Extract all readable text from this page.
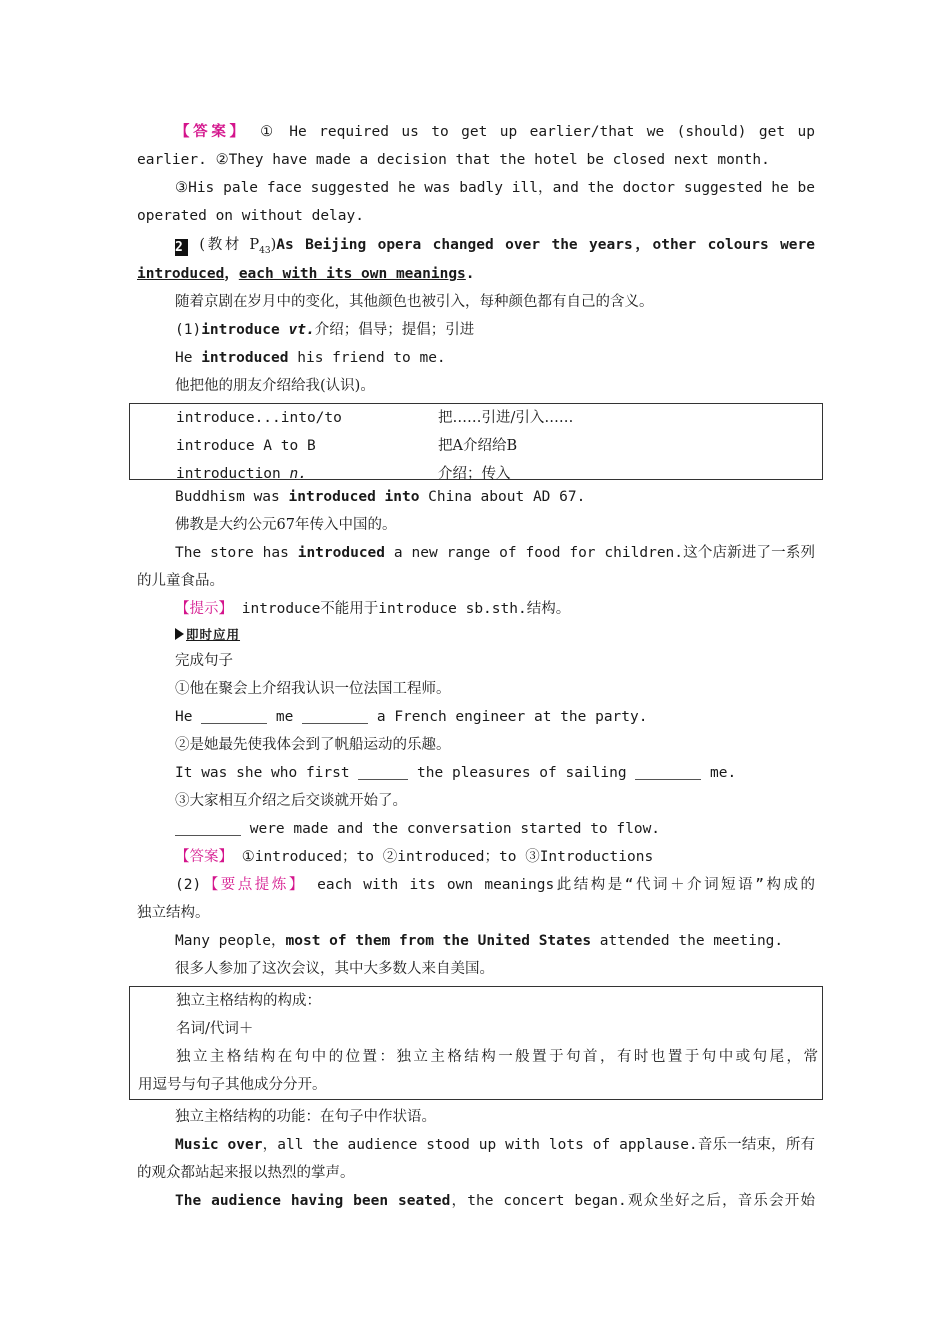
【答案】 ① He required us to get up earlier/that we (should) get up
earlier. ②They have made a decision that the hotel be closed next month.
③His pale face suggested he was badly ill，and the doctor suggested he be
operated on without delay.
2 (教材 $P_{43})As$ Beijing opera changed over the years，other colours were
introduced，each with its own meanings.
随着京剧在岁月中的变化，其他颜色也被引入，每种颜色都有自己的含义。
(1)introduce vt.介绍；倡导；提倡；引进
He introduced his friend to me.
他把他的朋友介绍给我(认识)。
introduce...into/to	把……引进/引入……
introduce A to B	把A介绍给B
introduction n.	介绍；传入
Buddhism was introduced into China about AD 67.
佛教是大约公元67年传入中国的。
The store has introduced a new range of food for children.这个店新进了一系列
的儿童食品。
【提示】 introduce不能用于introduce sb.sth.结构。
即时应用
完成句子
①他在聚会上介绍我认识一位法国工程师。
He	me	a French engineer at the party.
②是她最先使我体会到了帆船运动的乐趣。
It was she who first	the pleasures of sailing	me.
③大家相互介绍之后交谈就开始了。
were made and the conversation started to flow.
【答案】 ①introduced；to ②introduced；to ③Introductions
(2)【要点提炼】 each with its own meanings此结构是“代词＋介词短语”构成的
独立结构。
Many people，most of them from the United States attended the meeting.
很多人参加了这次会议，其中大多数人来自美国。
独立主格结构的构成：
名词/代词＋
独立主格结构在句中的位置：独立主格结构一般置于句首，有时也置于句中或句尾，常
用逗号与句子其他成分分开。
独立主格结构的功能：在句子中作状语。
Music over，all the audience stood up with lots of applause.音乐一结束，所有
的观众都站起来报以热烈的掌声。
The audience having been seated，the concert began.观众坐好之后，音乐会开始
